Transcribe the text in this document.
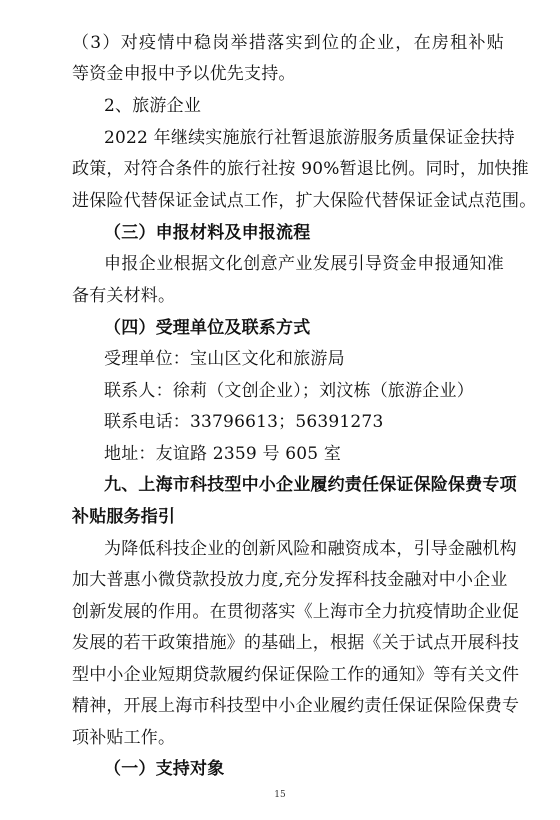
（3）对疫情中稳岗举措落实到位的企业，在房租补贴
等资金申报中予以优先支持。
2、旅游企业
2022 年继续实施旅行社暂退旅游服务质量保证金扶持
政策，对符合条件的旅行社按 90%暂退比例。同时，加快推
进保险代替保证金试点工作，扩大保险代替保证金试点范围。
（三）申报材料及申报流程
申报企业根据文化创意产业发展引导资金申报通知准
备有关材料。
（四）受理单位及联系方式
受理单位：宝山区文化和旅游局
联系人：徐莉（文创企业）；刘汶栋（旅游企业）
联系电话：33796613；56391273
地址：友谊路 2359 号 605 室
九、上海市科技型中小企业履约责任保证保险保费专项
补贴服务指引
为降低科技企业的创新风险和融资成本，引导金融机构
加大普惠小微贷款投放力度,充分发挥科技金融对中小企业
创新发展的作用。在贯彻落实《上海市全力抗疫情助企业促
发展的若干政策措施》的基础上，根据《关于试点开展科技
型中小企业短期贷款履约保证保险工作的通知》等有关文件
精神，开展上海市科技型中小企业履约责任保证保险保费专
项补贴工作。
（一）支持对象
15
